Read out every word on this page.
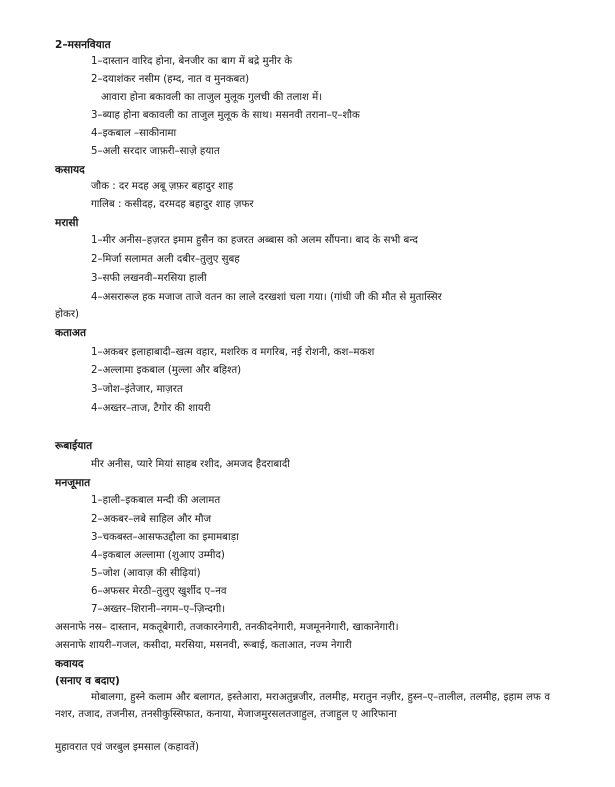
2–मसनवियात
1–दास्तान वारिद होना, बेनजीर का बाग में बद्रे मुनीर के
2–दयाशंकर नसीम (हम्द, नात व मुनकबत)
आवारा होना बकावली का ताजुल मुलूक गुलची की तलाश में।
3–ब्याह होना बकावली का ताजुल मुलूक के साथ। मसनवी तराना–ए–शौक
4–इकबाल –साकीनामा
5–अली सरदार जाफ़री–साज़े हयात
कसायद
जौक : दर मदह अबू ज़फ़र बहादुर शाह
गालिब : कसीदह, दरमदह बहादुर शाह ज़फर
मरासी
1–मीर अनीस–हज़रत इमाम हुसैन का हजरत अब्बास को अलम सौंपना। बाद के सभी बन्द
2–मिर्जा सलामत अली दबीर–तुलुए सुबह
3–सफी लखनवी–मरसिया हाली
4–असरारूल हक मजाज ताजे वतन का लाले दरखशां चला गया। (गांधी जी की मौत से मुतास्सिर
होकर)
कताअत
1–अकबर इलाहाबादी–खत्म वहार, मशरिक व मगरिब, नई रोशनी, कश–मकश
2–अल्लामा इकबाल (मुल्ला और बहिश्त)
3–जोश–इंतेजार, माज़रत
4–अख्तर–ताज, टैगोर की शायरी
रूबाईयात
मीर अनीस, प्यारे मियां साहब रशीद, अमजद हैदराबादी
मनजूमात
1–हाली–इकबाल मन्दी की अलामत
2–अकबर–लबे साहिल और मौज
3–चकबस्त–आसफउद्दौला का इमामबाड़ा
4–इकबाल अल्लामा (शुआए उम्मीद)
5–जोश (आवाज़ की सीढ़ियां)
6–अफसर मेरठी–तुलुए खुर्शीद ए–नव
7–अख्तर–शिरानी–नगम–ए–ज़िन्दगी।
असनाफे नस्र– दास्तान, मकतूबेगारी, तजकारनेगारी, तनकीदनेगारी, मजमूननेगारी, खाकानेगारी।
असनाफे शायरी–गजल, कसीदा, मरसिया, मसनवी, रूबाई, कताआत, नज्म नेगारी
कवायद
(सनाए व बदाए)
मोबालगा, हुस्ने कलाम और बलागत, इस्तेआरा, मराअतुन्नजीर, तलमीह, मरातुन नज़ीर, हुस्न–ए–तालील, तलमीह, इहाम लफ व नशर, तजाद, तजनीस, तनसीकुस्सिफात, कनाया, मेजाजमुरसलतजाहुल, तजाहुल ए आरिफाना
मुहावरात एवं जरबुल इमसाल (कहावतें)
